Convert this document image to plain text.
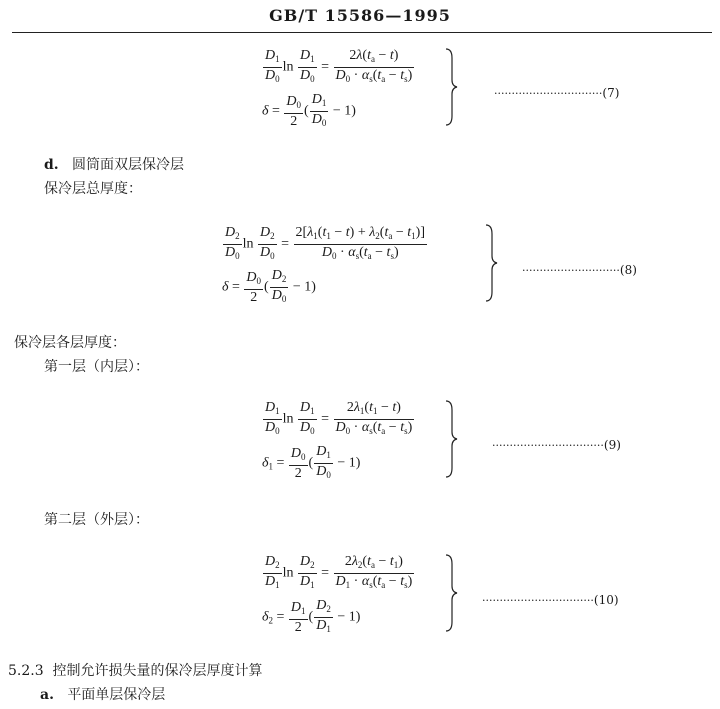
GB/T 15586—1995
$\frac{D_1}{D_0}$ $\ln \frac{D_1}{D_0} = \frac{2\lambda(t_a - t)}{D_0 \cdot \alpha_s(t_a - t_s)}$
$\delta = \frac{D_0}{2}$ ( $\frac{D_1}{D_0} - 1$)
·······························(7)
d. 圆筒面双层保冷层
保冷层总厚度：
$\frac{D_2}{D_0}$ $\ln \frac{D_2}{D_0} = \frac{2[\lambda_1(t_1 - t) + \lambda_2(t_a - t_1)]}{D_0 \cdot \alpha_s(t_a - t_s)}$
$\delta = \frac{D_0}{2}$ ( $\frac{D_2}{D_0} - 1$)
····························(8)
保冷层各层厚度：
第一层（内层）：
$\frac{D_1}{D_0}$ $\ln \frac{D_1}{D_0} = \frac{2\lambda_1(t_1 - t)}{D_0 \cdot \alpha_s(t_a - t_s)}$
$\delta_1 = \frac{D_0}{2}$ ( $\frac{D_1}{D_0} - 1$)
································(9)
第二层（外层）：
$\frac{D_2}{D_1}$ $\ln \frac{D_2}{D_1} = \frac{2\lambda_2(t_a - t_1)}{D_1 \cdot \alpha_s(t_a - t_s)}$
$\delta_2 = \frac{D_1}{2}$ ( $\frac{D_2}{D_1} - 1$)
································(10)
5.2.3 控制允许损失量的保冷层厚度计算
a. 平面单层保冷层
